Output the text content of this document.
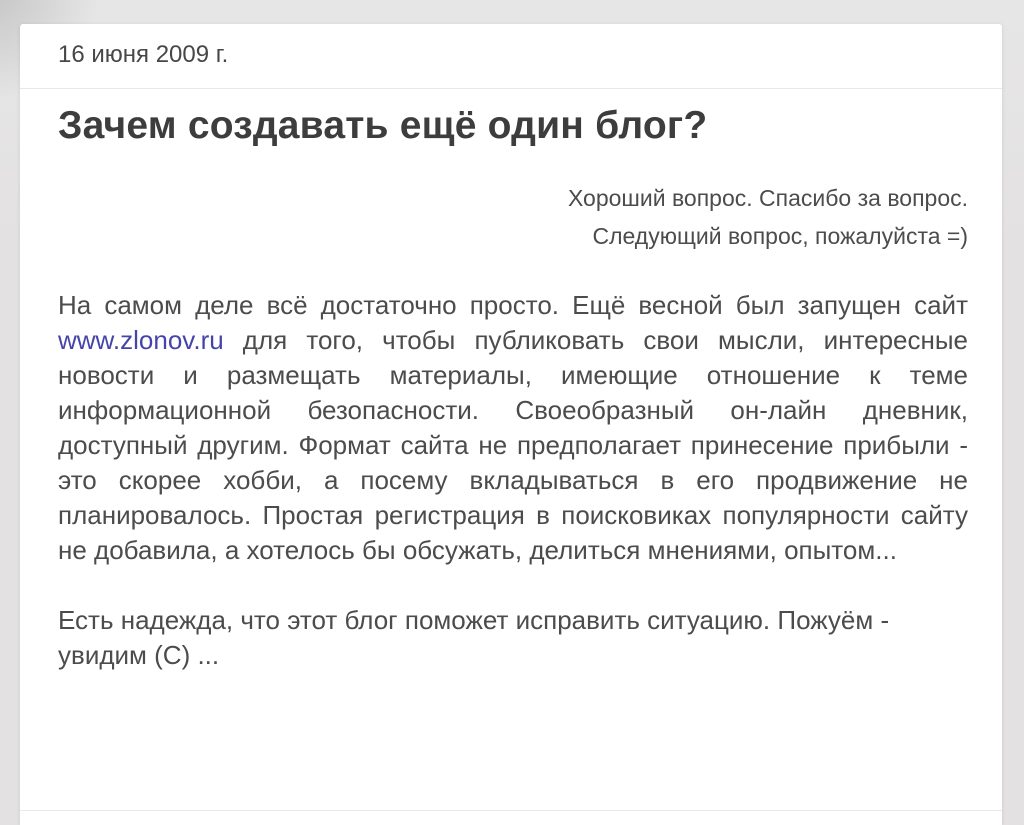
16 июня 2009 г.
Зачем создавать ещё один блог?
Хороший вопрос. Спасибо за вопрос.
Следующий вопрос, пожалуйста =)

На самом деле всё достаточно просто. Ещё весной был запущен сайт www.zlonov.ru для того, чтобы публиковать свои мысли, интересные новости и размещать материалы, имеющие отношение к теме информационной безопасности. Своеобразный он-лайн дневник, доступный другим. Формат сайта не предполагает принесение прибыли - это скорее хобби, а посему вкладываться в его продвижение не планировалось. Простая регистрация в поисковиках популярности сайту не добавила, а хотелось бы обсужать, делиться мнениями, опытом...

Есть надежда, что этот блог поможет исправить ситуацию. Пожуём - увидим (С) ...
